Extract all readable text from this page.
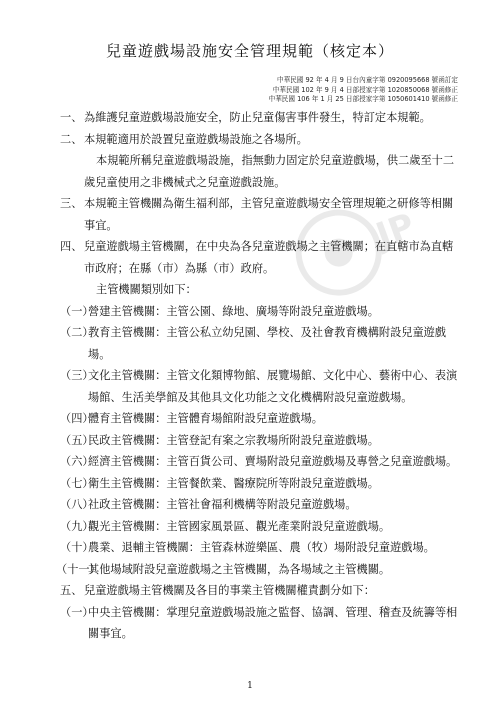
JP
兒童遊戲場設施安全管理規範（核定本）
中華民國 92 年 4 月 9 日台內童字第 0920095668 號函訂定
中華民國 102 年 9 月 4 日部授家字第 1020850068 號函修正
中華民國 106 年 1 月 25 日部授家字第 1050601410 號函修正
一、 為維護兒童遊戲場設施安全，防止兒童傷害事件發生，特訂定本規範。
二、 本規範適用於設置兒童遊戲場設施之各場所。
本規範所稱兒童遊戲場設施，指無動力固定於兒童遊戲場，供二歲至十二歲兒童使用之非機械式之兒童遊戲設施。
三、 本規範主管機關為衛生福利部，主管兒童遊戲場安全管理規範之研修等相關事宜。
四、 兒童遊戲場主管機關，在中央為各兒童遊戲場之主管機關；在直轄市為直轄市政府；在縣（市）為縣（市）政府。
主管機關類別如下：
（一）
營建主管機關：主管公園、綠地、廣場等附設兒童遊戲場。
（二）
教育主管機關：主管公私立幼兒園、學校、及社會教育機構附設兒童遊戲場。
（三）
文化主管機關：主管文化類博物館、展覽場館、文化中心、藝術中心、表演場館、生活美學館及其他具文化功能之文化機構附設兒童遊戲場。
（四）
體育主管機關：主管體育場館附設兒童遊戲場。
（五）
民政主管機關：主管登記有案之宗教場所附設兒童遊戲場。
（六）
經濟主管機關：主管百貨公司、賣場附設兒童遊戲場及專營之兒童遊戲場。
（七）
衛生主管機關：主管餐飲業、醫療院所等附設兒童遊戲場。
（八）
社政主管機關：主管社會福利機構等附設兒童遊戲場。
（九）
觀光主管機關：主管國家風景區、觀光產業附設兒童遊戲場。
（十）
農業、退輔主管機關：主管森林遊樂區、農（牧）場附設兒童遊戲場。
（十一）
其他場域附設兒童遊戲場之主管機關，為各場域之主管機關。
五、 兒童遊戲場主管機關及各目的事業主管機關權責劃分如下：
（一）
中央主管機關：掌理兒童遊戲場設施之監督、協調、管理、稽查及統籌等相關事宜。
1
